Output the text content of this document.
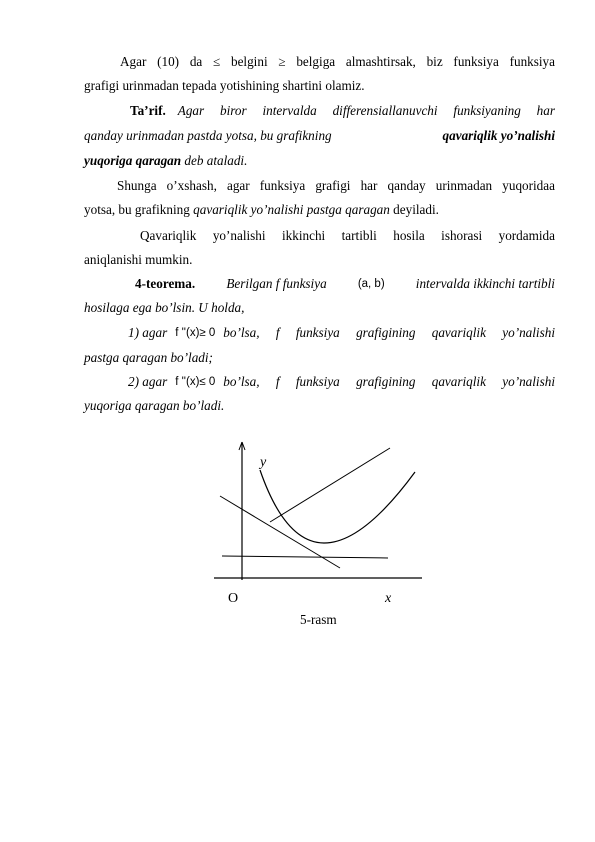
Agar (10) da ≤ belgini ≥ belgiga almashtirsak, biz funksiya funksiya
grafigi urinmadan tepada yotishining shartini olamiz.
Ta’rif. Agar biror intervalda differensiallanuvchi funksiyaning har
qanday urinmadan pastda yotsa, bu grafikning	qavariqlik yo’nalishi
yuqoriga qaragan deb ataladi.
Shunga o’xshash, agar funksiya grafigi har qanday urinmadan yuqoridaa
yotsa, bu grafikning qavariqlik yo’nalishi pastga qaragan deyiladi.
Qavariqlik yo’nalishi ikkinchi tartibli hosila ishorasi yordamida
aniqlanishi mumkin.
4-teorema. Berilgan f funksiya	(a, b) intervalda ikkinchi tartibli
hosilaga ega bo’lsin. U holda,
1) agar f ''(x)≥ 0 bo’lsa, f funksiya grafigining qavariqlik yo’nalishi
pastga qaragan bo’ladi;
2) agar f ''(x)≤ 0 bo’lsa, f funksiya grafigining qavariqlik yo’nalishi
yuqoriga qaragan bo’ladi.
y
O	x
5-rasm
